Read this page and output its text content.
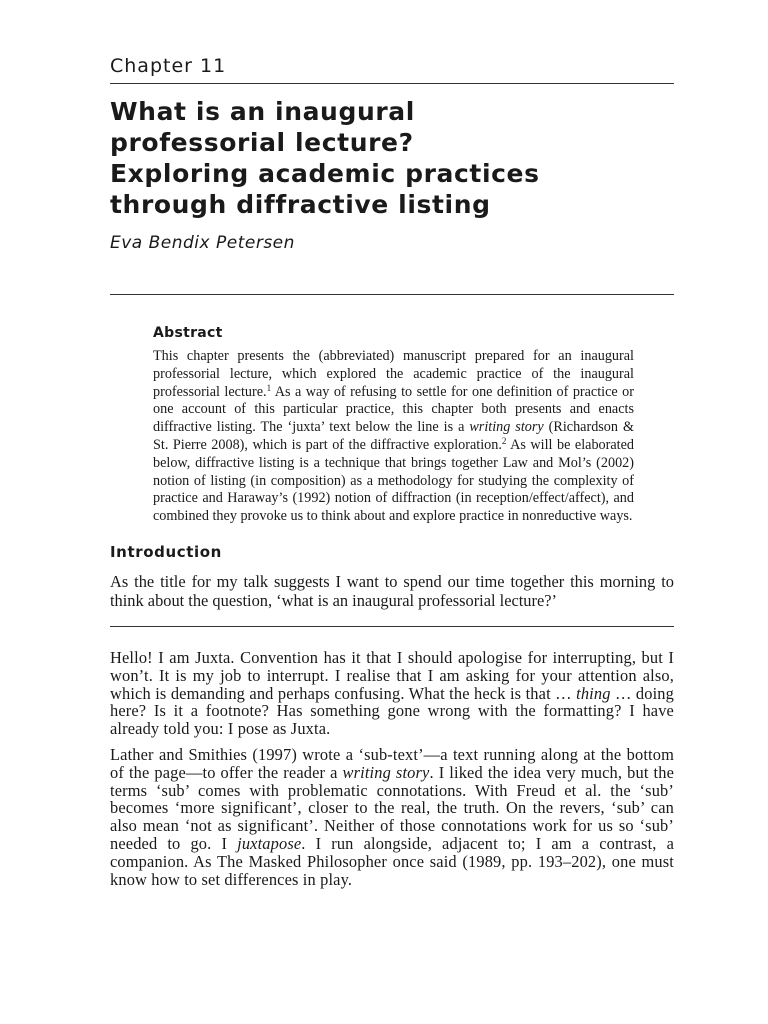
Chapter 11
What is an inaugural
professorial lecture?
Exploring academic practices
through diffractive listing
Eva Bendix Petersen
Abstract
This chapter presents the (abbreviated) manuscript prepared for an inaugural professorial lecture, which explored the academic practice of the inaugural professorial lecture.$^1$ As a way of refusing to settle for one definition of practice or one account of this particular practice, this chapter both presents and enacts diffractive listing. The ‘juxta’ text below the line is a writing story (Richardson & St. Pierre 2008), which is part of the diffractive exploration.$^2$ As will be elaborated below, diffractive listing is a technique that brings together Law and Mol’s (2002) notion of listing (in composition) as a methodology for studying the complexity of practice and Haraway’s (1992) notion of diffraction (in reception/effect/affect), and combined they provoke us to think about and explore practice in nonreductive ways.
Introduction

As the title for my talk suggests I want to spend our time together this morning to think about the question, ‘what is an inaugural professorial lecture?’

Hello! I am Juxta. Convention has it that I should apologise for interrupting, but I won’t. It is my job to interrupt. I realise that I am asking for your attention also, which is demanding and perhaps confusing. What the heck is that … thing … doing here? Is it a footnote? Has something gone wrong with the formatting? I have already told you: I pose as Juxta.

Lather and Smithies (1997) wrote a ‘sub-text’—a text running along at the bottom of the page—to offer the reader a writing story. I liked the idea very much, but the terms ‘sub’ comes with problematic connotations. With Freud et al. the ‘sub’ becomes ‘more significant’, closer to the real, the truth. On the revers, ‘sub’ can also mean ‘not as significant’. Neither of those connotations work for us so ‘sub’ needed to go. I juxtapose. I run alongside, adjacent to; I am a contrast, a companion. As The Masked Philosopher once said (1989, pp. 193–202), one must know how to set differences in play.
